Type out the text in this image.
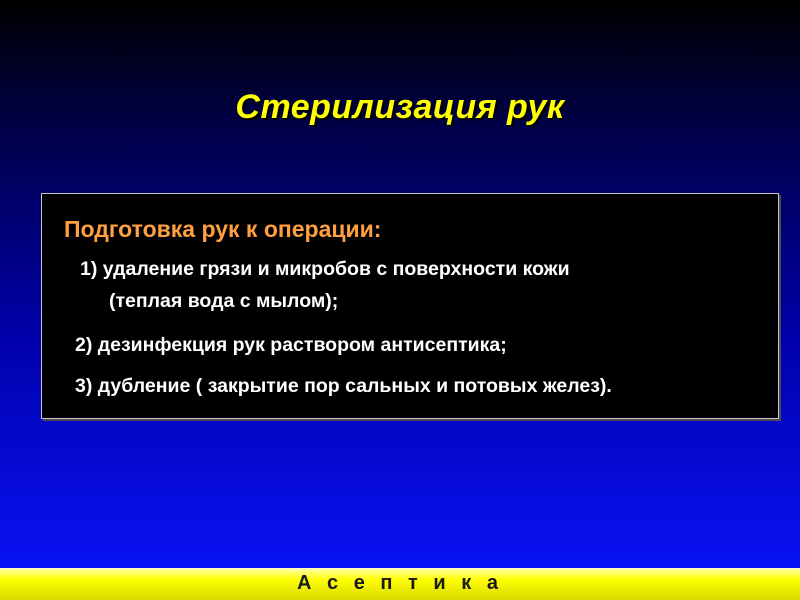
Стерилизация рук
Подготовка рук к операции:
1) удаление грязи и микробов с поверхности кожи
(теплая вода с мылом);
2) дезинфекция рук раствором антисептика;
3) дубление ( закрытие пор сальных и потовых желез).
А с е п т и к а
